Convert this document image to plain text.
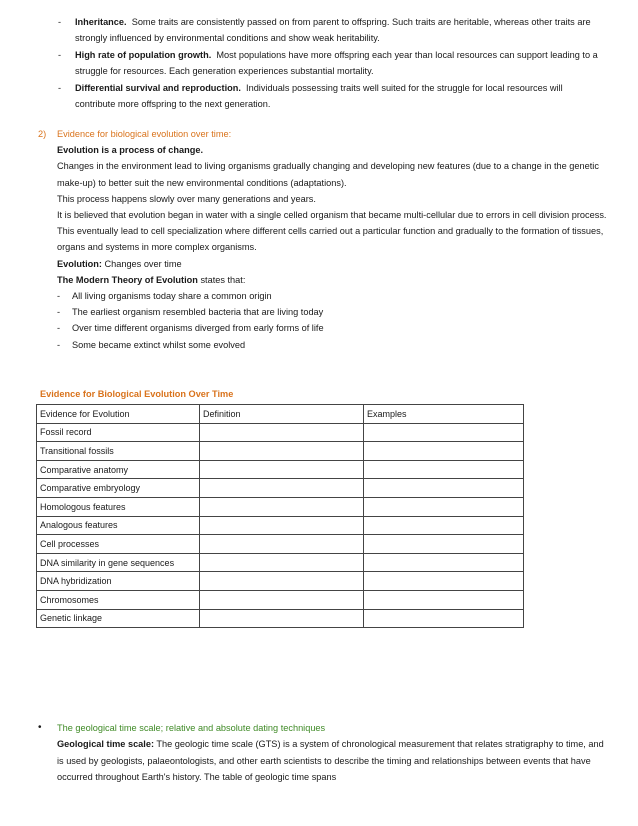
- Inheritance. Some traits are consistently passed on from parent to offspring. Such traits are heritable, whereas other traits are strongly influenced by environmental conditions and show weak heritability.
- High rate of population growth. Most populations have more offspring each year than local resources can support leading to a struggle for resources. Each generation experiences substantial mortality.
- Differential survival and reproduction. Individuals possessing traits well suited for the struggle for local resources will contribute more offspring to the next generation.
2) Evidence for biological evolution over time:
Evolution is a process of change.
Changes in the environment lead to living organisms gradually changing and developing new features (due to a change in the genetic make-up) to better suit the new environmental conditions (adaptations).
This process happens slowly over many generations and years.
It is believed that evolution began in water with a single celled organism that became multi-cellular due to errors in cell division process.
This eventually lead to cell specialization where different cells carried out a particular function and gradually to the formation of tissues, organs and systems in more complex organisms.
Evolution: Changes over time
The Modern Theory of Evolution states that:
- All living organisms today share a common origin
- The earliest organism resembled bacteria that are living today
- Over time different organisms diverged from early forms of life
- Some became extinct whilst some evolved
Evidence for Biological Evolution Over Time
Evidence for Evolution	Definition	Examples
Fossil record		
Transitional fossils		
Comparative anatomy		
Comparative embryology		
Homologous features		
Analogous features		
Cell processes		
DNA similarity in gene sequences		
DNA hybridization		
Chromosomes		
Genetic linkage		
• The geological time scale; relative and absolute dating techniques
Geological time scale: The geologic time scale (GTS) is a system of chronological measurement that relates stratigraphy to time, and is used by geologists, palaeontologists, and other earth scientists to describe the timing and relationships between events that have occurred throughout Earth's history. The table of geologic time spans
